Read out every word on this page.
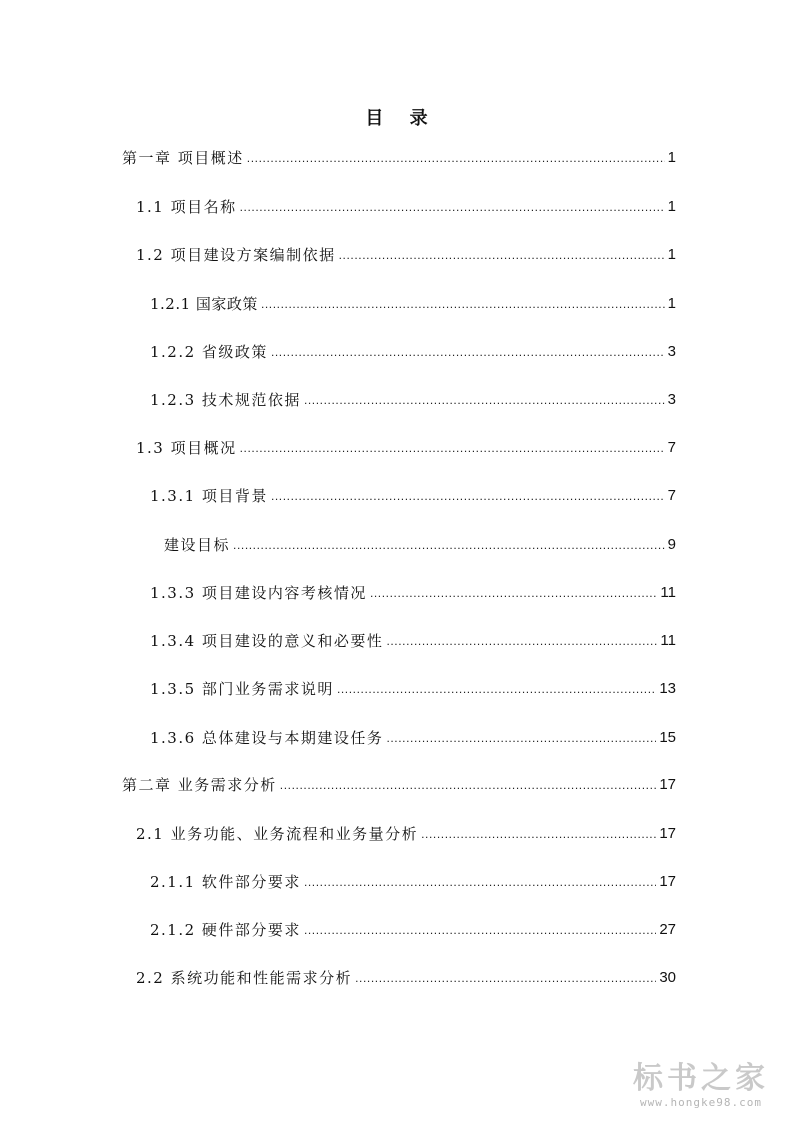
目 录
第一章 项目概述 .....	1
1.1 项目名称 .....	1
1.2 项目建设方案编制依据 .....	1
1.2.1 国家政策 .....	1
1.2.2 省级政策 .....	3
1.2.3 技术规范依据 .....	3
1.3 项目概况 .....	7
1.3.1 项目背景 .....	7
建设目标 .....	9
1.3.3 项目建设内容考核情况 .....	11
1.3.4 项目建设的意义和必要性 .....	11
1.3.5 部门业务需求说明 .....	13
1.3.6 总体建设与本期建设任务 .....	15
第二章 业务需求分析 .....	17
2.1 业务功能、业务流程和业务量分析 .....	17
2.1.1 软件部分要求 .....	17
2.1.2 硬件部分要求 .....	27
2.2 系统功能和性能需求分析 .....	30
标书之家
www.hongke98.com
